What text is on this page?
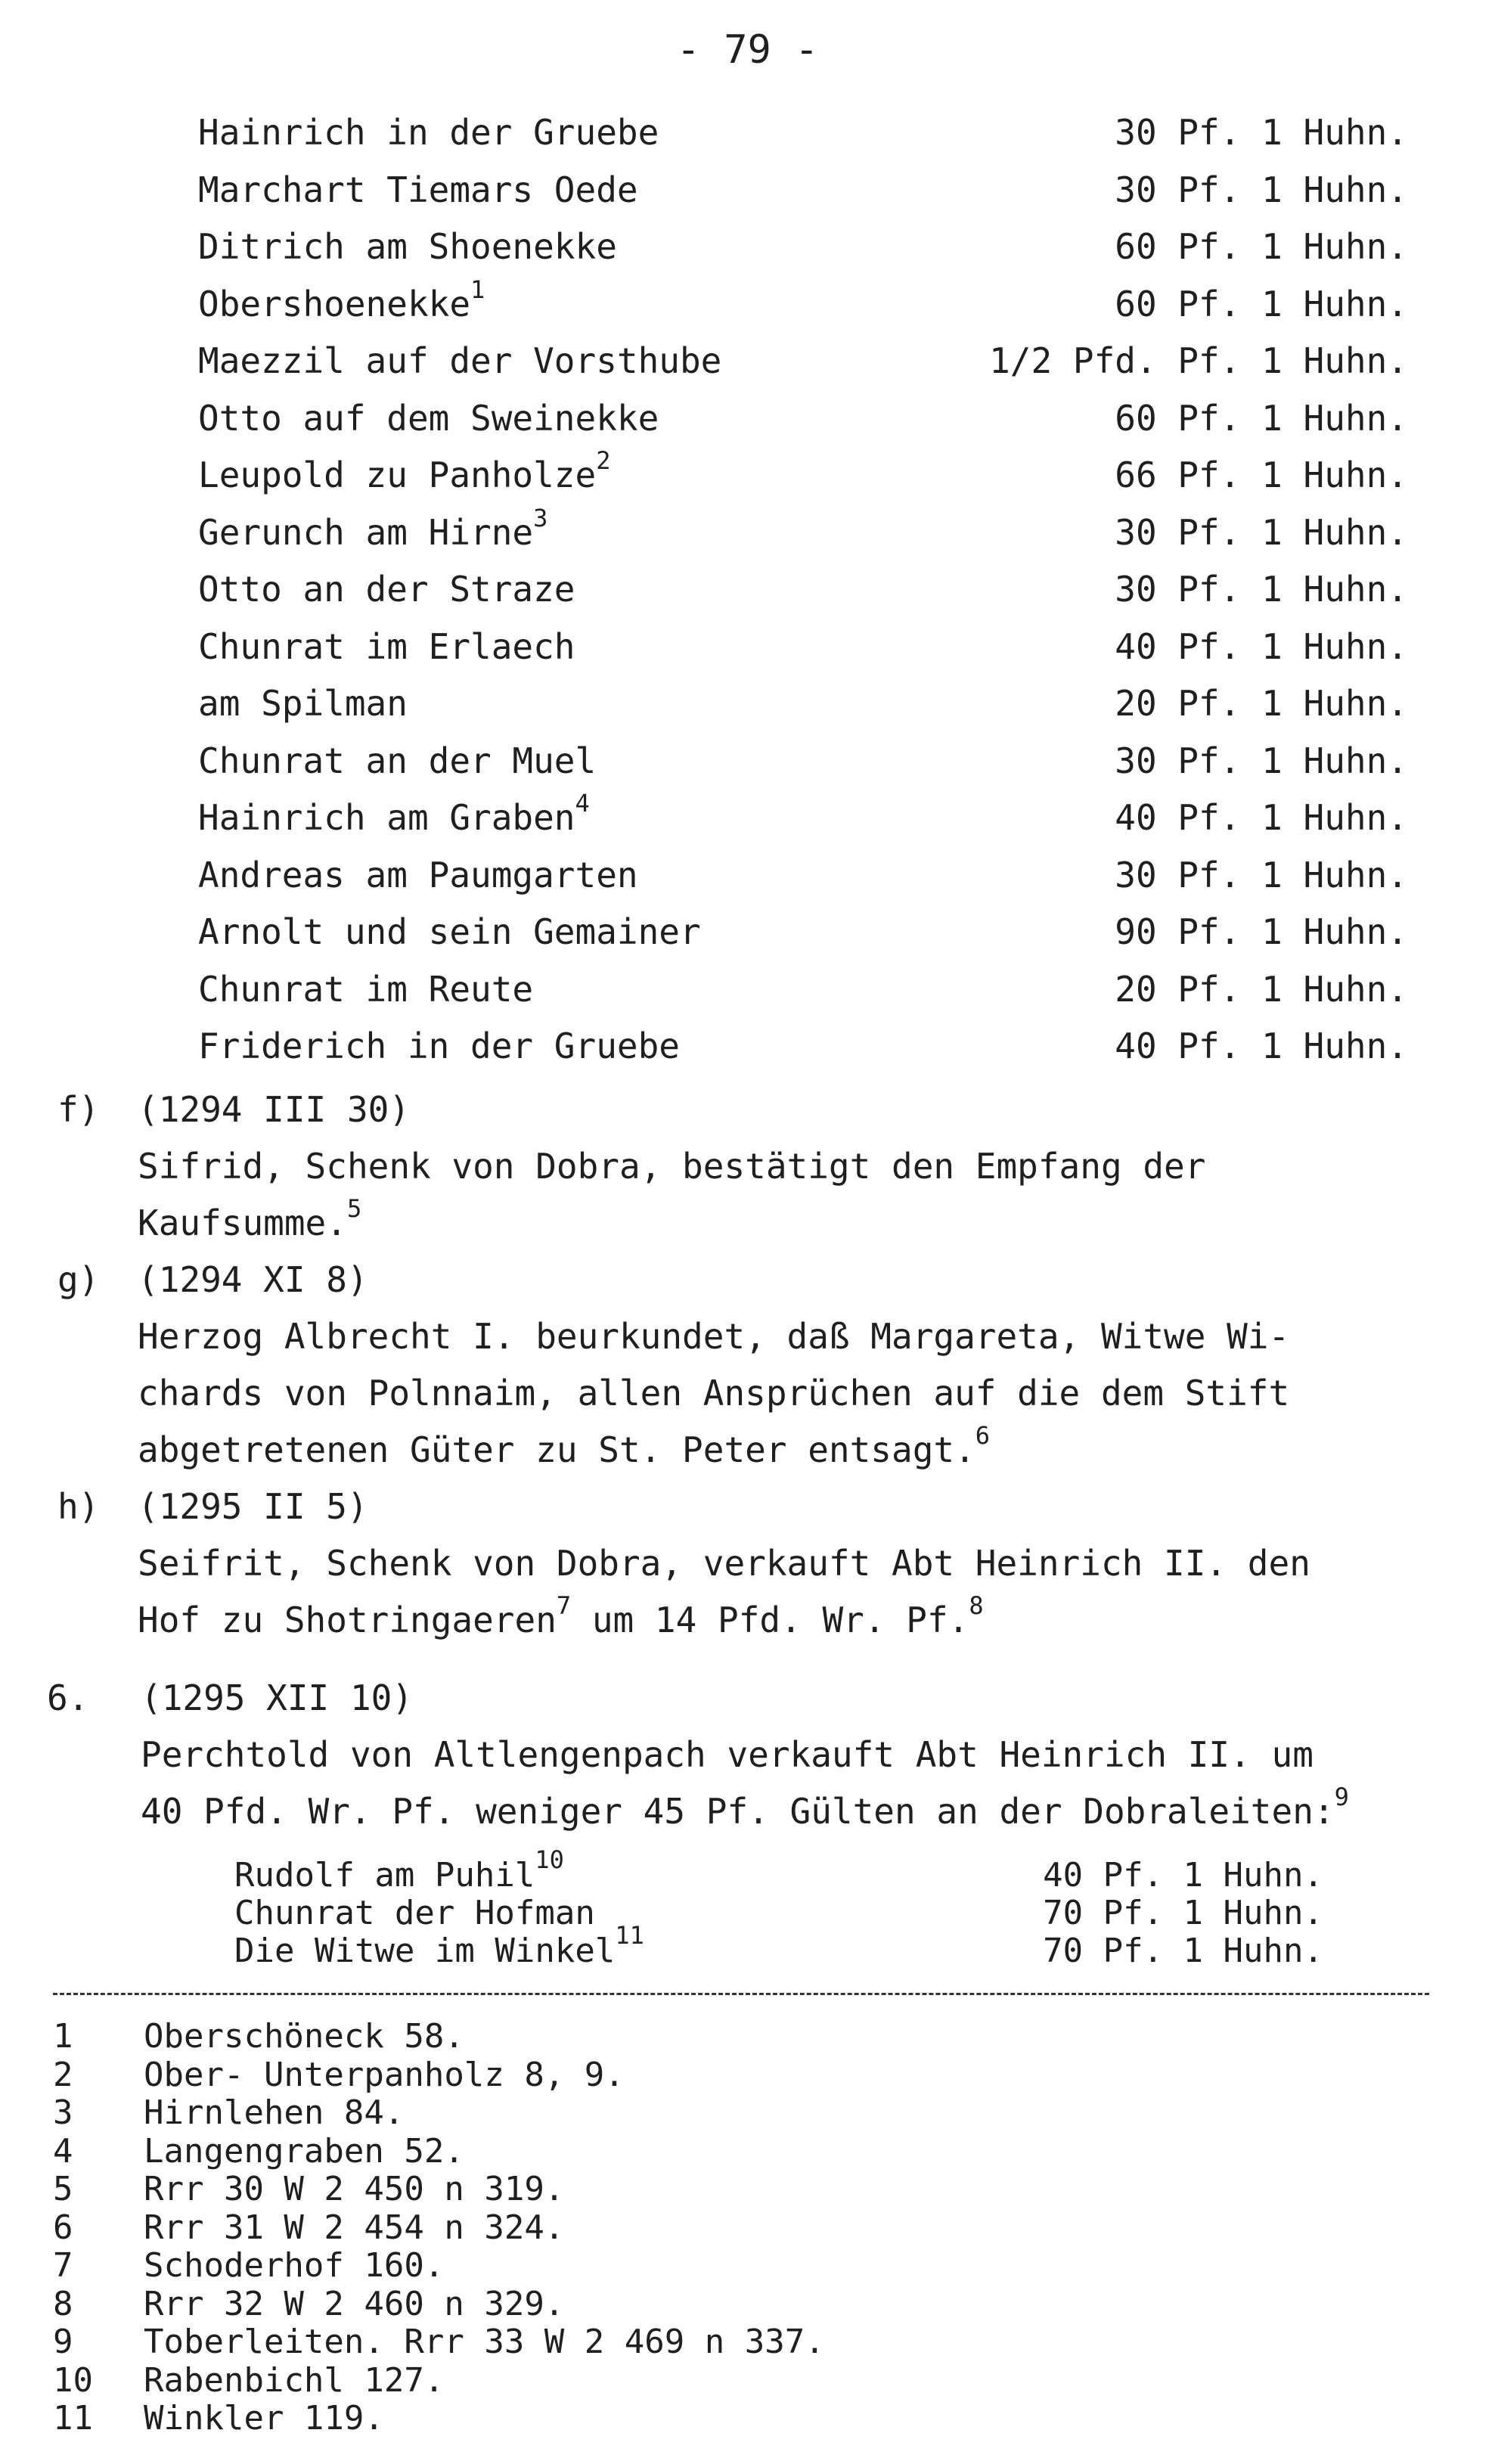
- 79 -
Hainrich in der Gruebe	30 Pf. 1 Huhn.
Marchart Tiemars Oede	30 Pf. 1 Huhn.
Ditrich am Shoenekke	60 Pf. 1 Huhn.
Obershoenekke$^1$	60 Pf. 1 Huhn.
Maezzil auf der Vorsthube	1/2 Pfd. Pf. 1 Huhn.
Otto auf dem Sweinekke	60 Pf. 1 Huhn.
Leupold zu Panholze$^2$	66 Pf. 1 Huhn.
Gerunch am Hirne$^3$	30 Pf. 1 Huhn.
Otto an der Straze	30 Pf. 1 Huhn.
Chunrat im Erlaech	40 Pf. 1 Huhn.
am Spilman	20 Pf. 1 Huhn.
Chunrat an der Muel	30 Pf. 1 Huhn.
Hainrich am Graben$^4$	40 Pf. 1 Huhn.
Andreas am Paumgarten	30 Pf. 1 Huhn.
Arnolt und sein Gemainer	90 Pf. 1 Huhn.
Chunrat im Reute	20 Pf. 1 Huhn.
Friderich in der Gruebe	40 Pf. 1 Huhn.
f) (1294 III 30)
Sifrid, Schenk von Dobra, bestätigt den Empfang der
Kaufsumme.$^5$
g) (1294 XI 8)
Herzog Albrecht I. beurkundet, daß Margareta, Witwe Wi-
chards von Polnnaim, allen Ansprüchen auf die dem Stift
abgetretenen Güter zu St. Peter entsagt.$^6$
h) (1295 II 5)
Seifrit, Schenk von Dobra, verkauft Abt Heinrich II. den
Hof zu Shotringaeren$^7$ um 14 Pfd. Wr. Pf.$^8$
6. (1295 XII 10)
Perchtold von Altlengenpach verkauft Abt Heinrich II. um
40 Pfd. Wr. Pf. weniger 45 Pf. Gülten an der Dobraleiten:$^9$
Rudolf am Puhil$^{10}$	40 Pf. 1 Huhn.
Chunrat der Hofman	70 Pf. 1 Huhn.
Die Witwe im Winkel$^{11}$	70 Pf. 1 Huhn.
1	Oberschöneck 58.
2	Ober- Unterpanholz 8, 9.
3	Hirnlehen 84.
4	Langengraben 52.
5	Rrr 30 W 2 450 n 319.
6	Rrr 31 W 2 454 n 324.
7	Schoderhof 160.
8	Rrr 32 W 2 460 n 329.
9	Toberleiten. Rrr 33 W 2 469 n 337.
10	Rabenbichl 127.
11	Winkler 119.
